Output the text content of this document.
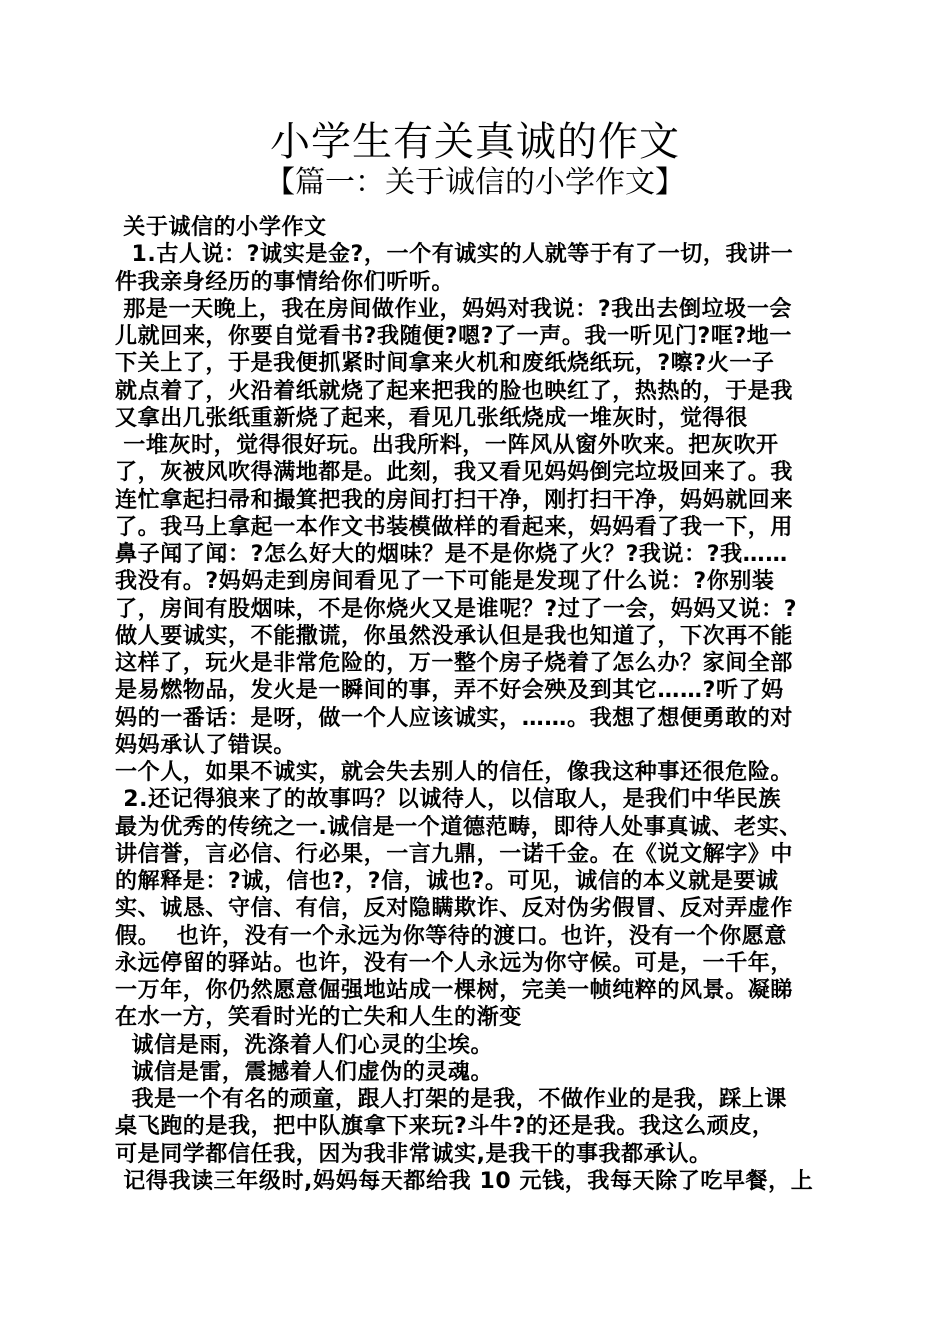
小学生有关真诚的作文
【篇一：关于诚信的小学作文】
关于诚信的小学作文
1.古人说：?诚实是金?，一个有诚实的人就等于有了一切，我讲一
件我亲身经历的事情给你们听听。
那是一天晚上，我在房间做作业，妈妈对我说：?我出去倒垃圾一会
儿就回来，你要自觉看书?我随便?嗯?了一声。我一听见门?哐?地一
下关上了，于是我便抓紧时间拿来火机和废纸烧纸玩，?嚓?火一子
就点着了，火沿着纸就烧了起来把我的脸也映红了，热热的，于是我
又拿出几张纸重新烧了起来，看见几张纸烧成一堆灰时，觉得很
一堆灰时，觉得很好玩。出我所料，一阵风从窗外吹来。把灰吹开
了，灰被风吹得满地都是。此刻，我又看见妈妈倒完垃圾回来了。我
连忙拿起扫帚和撮箕把我的房间打扫干净，刚打扫干净，妈妈就回来
了。我马上拿起一本作文书装模做样的看起来，妈妈看了我一下，用
鼻子闻了闻：?怎么好大的烟味？是不是你烧了火？?我说：?我……
我没有。?妈妈走到房间看见了一下可能是发现了什么说：?你别装
了，房间有股烟味，不是你烧火又是谁呢？?过了一会，妈妈又说：?
做人要诚实，不能撒谎，你虽然没承认但是我也知道了，下次再不能
这样了，玩火是非常危险的，万一整个房子烧着了怎么办？家间全部
是易燃物品，发火是一瞬间的事，弄不好会殃及到其它……?听了妈
妈的一番话：是呀，做一个人应该诚实，……。我想了想便勇敢的对
妈妈承认了错误。
一个人，如果不诚实，就会失去别人的信任，像我这种事还很危险。
2.还记得狼来了的故事吗？以诚待人，以信取人，是我们中华民族
最为优秀的传统之一.诚信是一个道德范畴，即待人处事真诚、老实、
讲信誉，言必信、行必果，一言九鼎，一诺千金。在《说文解字》中
的解释是：?诚，信也?，?信，诚也?。可见，诚信的本义就是要诚
实、诚恳、守信、有信，反对隐瞒欺诈、反对伪劣假冒、反对弄虚作
假。  也许，没有一个永远为你等待的渡口。也许，没有一个你愿意
永远停留的驿站。也许，没有一个人永远为你守候。可是，一千年，
一万年，你仍然愿意倔强地站成一棵树，完美一帧纯粹的风景。凝睇
在水一方，笑看时光的亡失和人生的渐变
诚信是雨，洗涤着人们心灵的尘埃。
诚信是雷，震撼着人们虚伪的灵魂。
我是一个有名的顽童，跟人打架的是我，不做作业的是我，踩上课
桌飞跑的是我，把中队旗拿下来玩?斗牛?的还是我。我这么顽皮，
可是同学都信任我，因为我非常诚实,是我干的事我都承认。
记得我读三年级时,妈妈每天都给我 10 元钱，我每天除了吃早餐，上
